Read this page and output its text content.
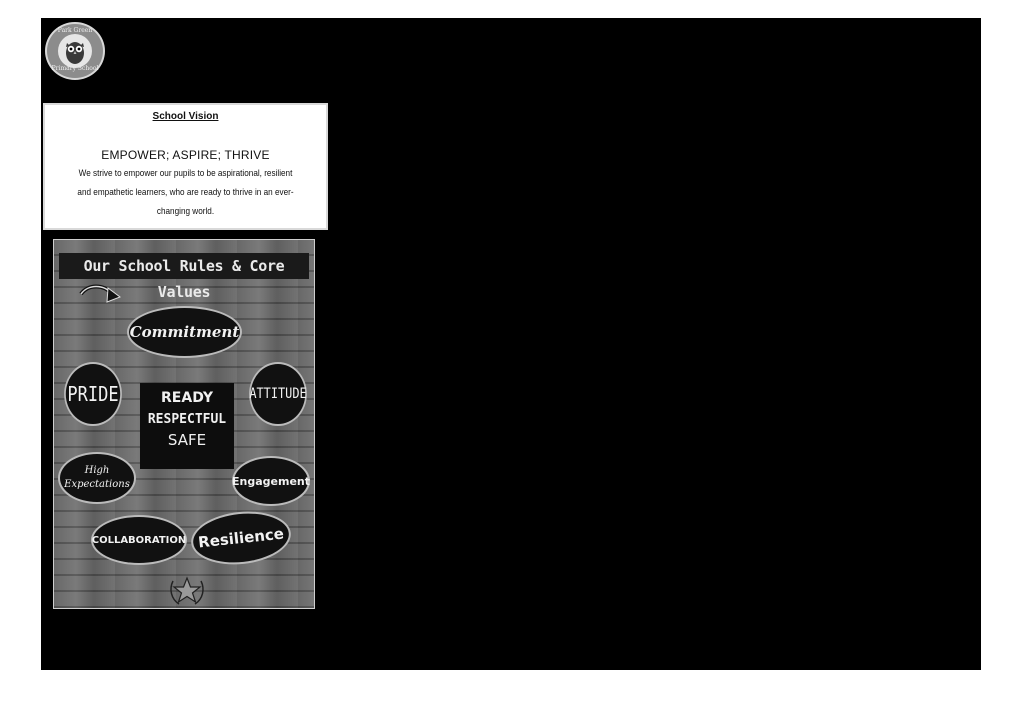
Park Green
Primary School
School Vision
EMPOWER; ASPIRE; THRIVE
We strive to empower our pupils to be aspirational, resilient and empathetic learners, who are ready to thrive in an ever-changing world.
Our School Rules & Core Values
Commitment
PRIDE	ATTITUDE
READY
RESPECTFUL
SAFE
High Expectations	Engagement
COLLABORATION Resilience
